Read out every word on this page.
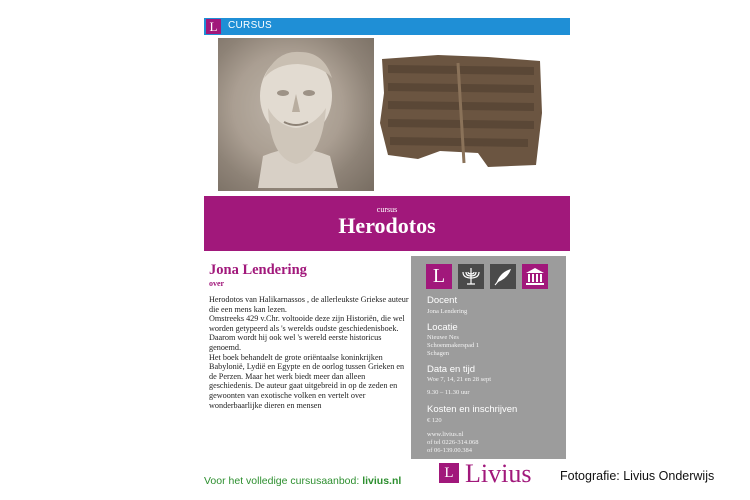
L	CURSUS
cursus
Herodotos
Jona Lendering
over

Herodotos van Halikarnassos , de allerleukste Griekse auteur die een mens kan lezen.

Omstreeks 429 v.Chr. voltooide deze zijn Historiën, die wel worden getypeerd als 's werelds oudste geschiedenisboek. Daarom wordt hij ook wel 's wereld eerste historicus genoemd.

Het boek behandelt de grote oriëntaalse koninkrijken Babylonië, Lydië en Egypte en de oorlog tussen Grieken en de Perzen. Maar het werk biedt meer dan alleen geschiedenis. De auteur gaat uitgebreid in op de zeden en gewoonten van exotische volken en vertelt over wonderbaarlijke dieren en mensen

L
Docent
Jona Lendering
Locatie
Nieuwe Nes
Schoenmakerspad 1
Schagen
Data en tijd
Woe 7, 14, 21 en 28 sept
9.30 – 11.30 uur
Kosten en inschrijven
€ 120
www.livius.nl
of tel 0226-314.068
of 06-139.00.384
Voor het volledige cursusaanbod: livius.nl	L Livius Fotografie: Livius Onderwijs
